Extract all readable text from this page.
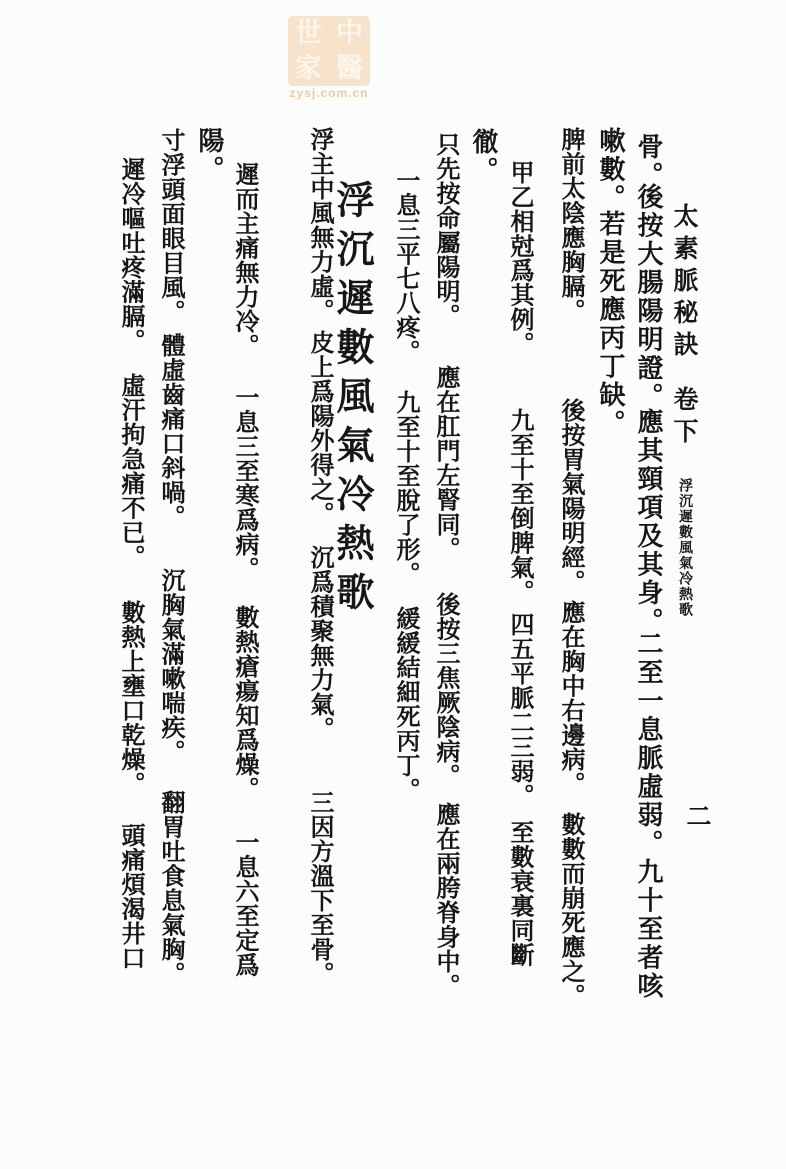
世 中
家 醫
zysj.com.cn
太素脈秘訣
卷下
浮沉遲數風氣冷熱歌
二
骨。
後按大腸陽明證。
應其頸項及其身。
二至一息脈虛弱。
九十至者咳
嗽數。
若是死應丙丁缺。
脾前太陰應胸膈。
後按胃氣陽明經。
應在胸中右邊病。
數數而崩死應之。
甲乙相尅爲其例。
九至十至倒脾氣。
四五平脈二三弱。
至數衰裏同斷
徹。
只先按命屬陽明。
應在肛門左腎同。
後按三焦厥陰病。
應在兩胯脊身中。
一息三平七八疼。
九至十至脫了形。
緩緩結細死丙丁。
浮沉遲數風氣冷熱歌
浮主中風無力虛。
皮上爲陽外得之。
沉爲積聚無力氣。
三因方溫下至骨。
遲而主痛無力冷。
一息三至寒爲病。
數熱瘡瘍知爲燥。
一息六至定爲
陽。
寸浮頭面眼目風。
體虛齒痛口斜喎。
沉胸氣滿嗽喘疾。
翻胃吐食息氣胸。
遲冷嘔吐疼滿膈。
虛汗拘急痛不已。
數熱上壅口乾燥。
頭痛煩渴井口
